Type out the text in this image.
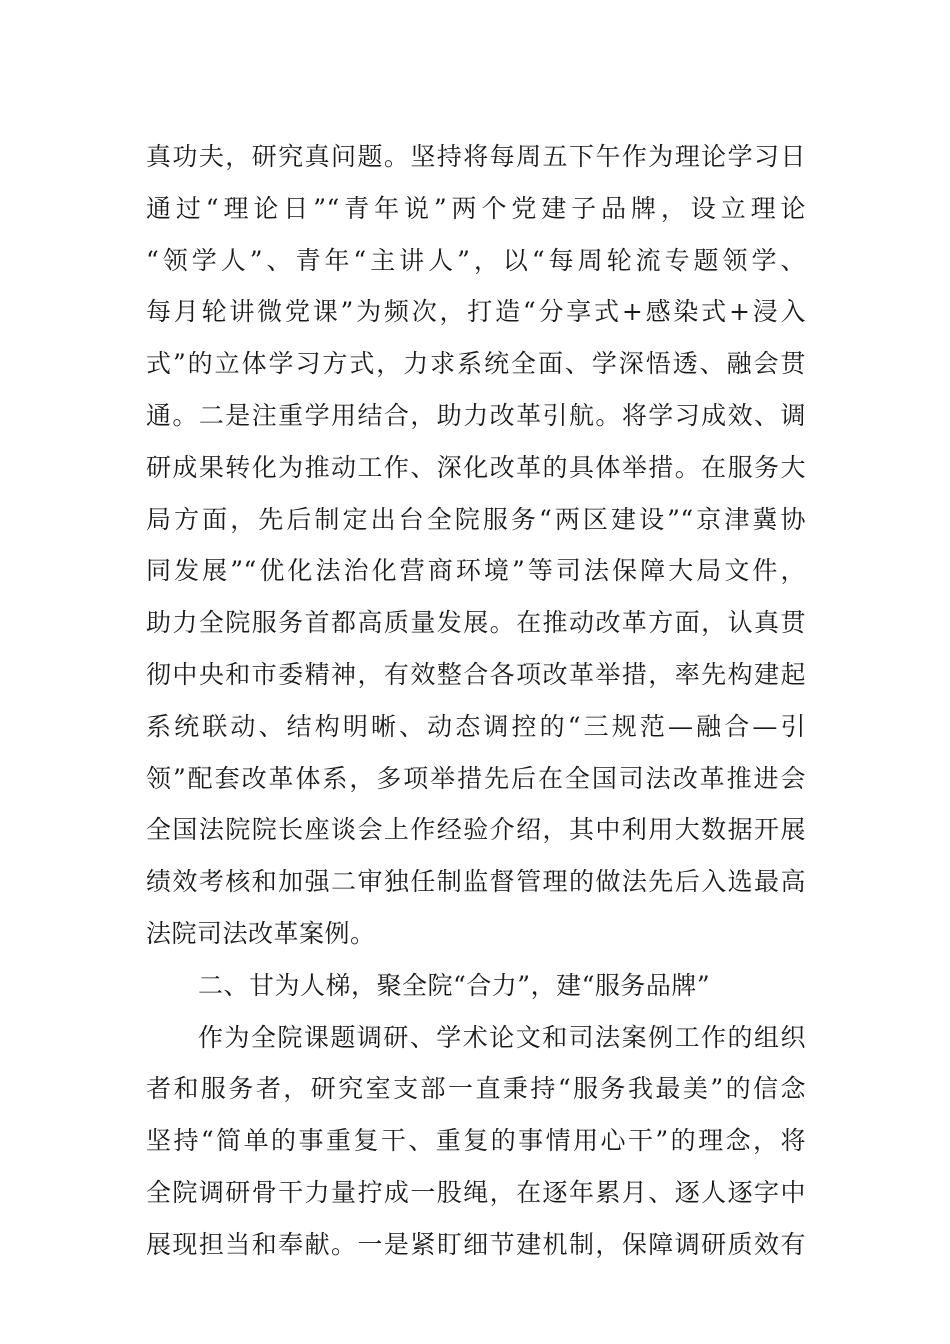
真功夫，研究真问题。坚持将每周五下午作为理论学习日
通过“理论日”“青年说”两个党建子品牌，设立理论
“领学人”、青年“主讲人”，以“每周轮流专题领学、
每月轮讲微党课”为频次，打造“分享式+感染式+浸入
式”的立体学习方式，力求系统全面、学深悟透、融会贯
通。二是注重学用结合，助力改革引航。将学习成效、调
研成果转化为推动工作、深化改革的具体举措。在服务大
局方面，先后制定出台全院服务“两区建设”“京津冀协
同发展”“优化法治化营商环境”等司法保障大局文件，
助力全院服务首都高质量发展。在推动改革方面，认真贯
彻中央和市委精神，有效整合各项改革举措，率先构建起
系统联动、结构明晰、动态调控的“三规范—融合—引
领”配套改革体系，多项举措先后在全国司法改革推进会
全国法院院长座谈会上作经验介绍，其中利用大数据开展
绩效考核和加强二审独任制监督管理的做法先后入选最高
法院司法改革案例。
二、甘为人梯，聚全院“合力”，建“服务品牌”
作为全院课题调研、学术论文和司法案例工作的组织
者和服务者，研究室支部一直秉持“服务我最美”的信念
坚持“简单的事重复干、重复的事情用心干”的理念，将
全院调研骨干力量拧成一股绳，在逐年累月、逐人逐字中
展现担当和奉献。一是紧盯细节建机制，保障调研质效有
